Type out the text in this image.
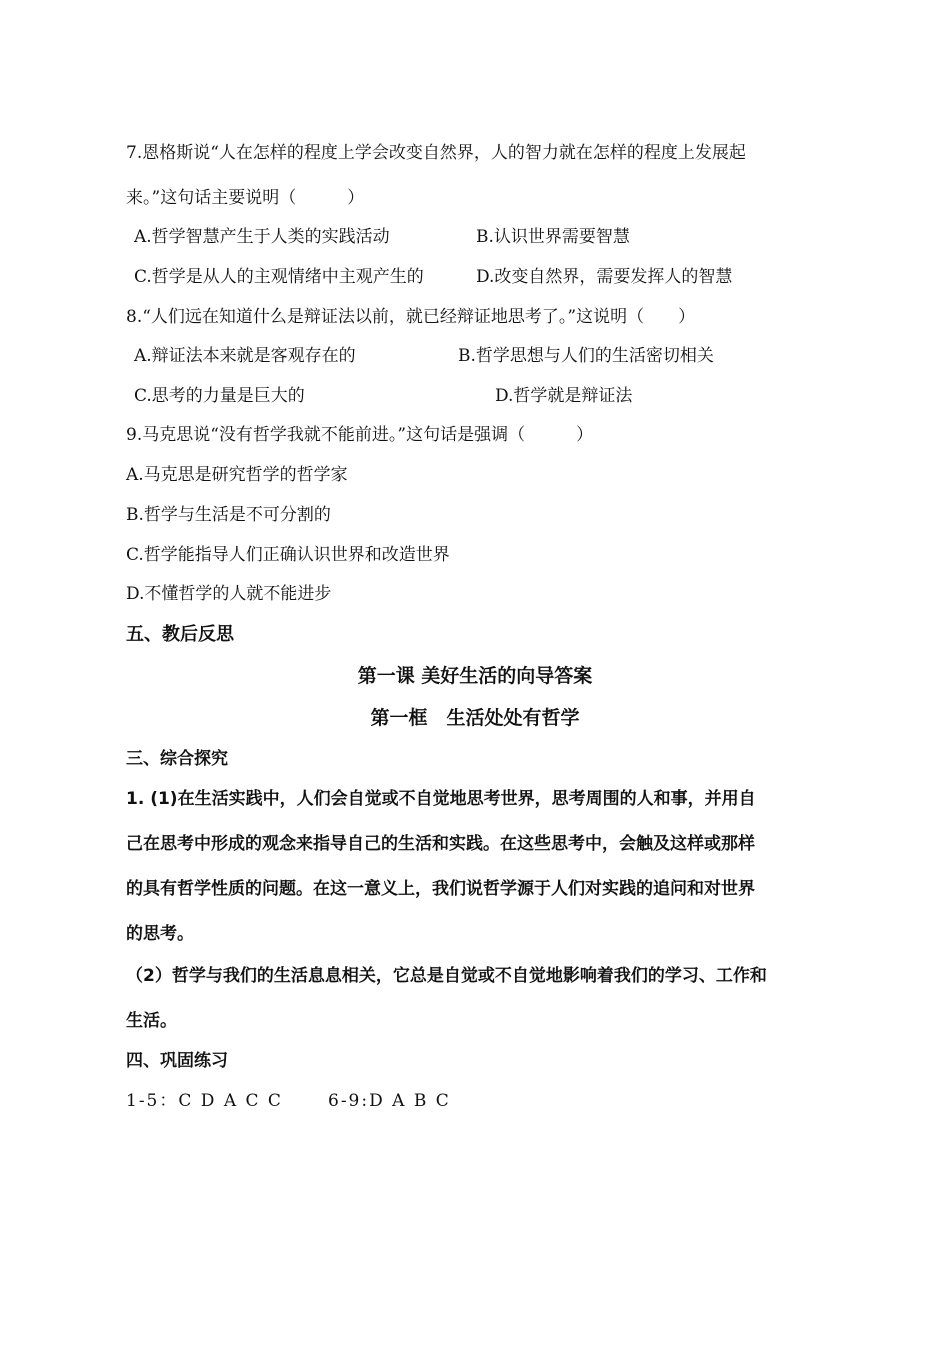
7.恩格斯说“人在怎样的程度上学会改变自然界，人的智力就在怎样的程度上发展起
来。”这句话主要说明（　　　）
A.哲学智慧产生于人类的实践活动	B.认识世界需要智慧
C.哲学是从人的主观情绪中主观产生的	D.改变自然界，需要发挥人的智慧
8.“人们远在知道什么是辩证法以前，就已经辩证地思考了。”这说明（　　）
A.辩证法本来就是客观存在的	B.哲学思想与人们的生活密切相关
C.思考的力量是巨大的	D.哲学就是辩证法
9.马克思说“没有哲学我就不能前进。”这句话是强调（　　　）
A.马克思是研究哲学的哲学家
B.哲学与生活是不可分割的
C.哲学能指导人们正确认识世界和改造世界
D.不懂哲学的人就不能进步
五、教后反思
第一课 美好生活的向导答案
第一框　生活处处有哲学
三、综合探究
1. (1)在生活实践中，人们会自觉或不自觉地思考世界，思考周围的人和事，并用自
己在思考中形成的观念来指导自己的生活和实践。在这些思考中，会触及这样或那样
的具有哲学性质的问题。在这一意义上，我们说哲学源于人们对实践的追问和对世界
的思考。
（2）哲学与我们的生活息息相关，它总是自觉或不自觉地影响着我们的学习、工作和
生活。
四、巩固练习
1-5：C D A C C	6-9:D A B C
